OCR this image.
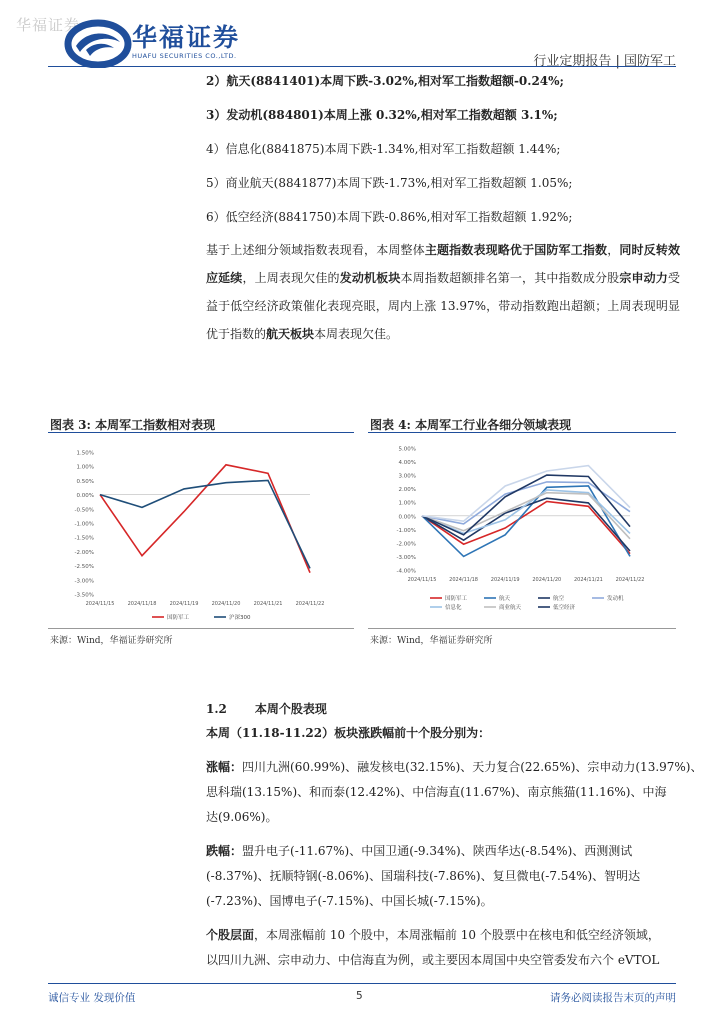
华福证券 华福证券
HUAFU SECURITIES CO.,LTD.	行业定期报告 | 国防军工
2）航天(8841401)本周下跌-3.02%,相对军工指数超额-0.24%;
3）发动机(884801)本周上涨 0.32%,相对军工指数超额 3.1%;
4）信息化(8841875)本周下跌-1.34%,相对军工指数超额 1.44%;
5）商业航天(8841877)本周下跌-1.73%,相对军工指数超额 1.05%;
6）低空经济(8841750)本周下跌-0.86%,相对军工指数超额 1.92%;
基于上述细分领域指数表现看，本周整体主题指数表现略优于国防军工指数，同时反转效应延续，上周表现欠佳的发动机板块本周指数超额排名第一，其中指数成分股宗申动力受益于低空经济政策催化表现亮眼，周内上涨 13.97%，带动指数跑出超额；上周表现明显优于指数的航天板块本周表现欠佳。
图表 3: 本周军工指数相对表现
1.50%
1.00%
0.50%
0.00%
-0.50%
-1.00%
-1.50%
-2.00%
-2.50%
-3.00%
-3.50%
2024/11/15	2024/11/18	2024/11/19	2024/11/20	2024/11/21	2024/11/22
国防军工	沪深300
来源：Wind，华福证券研究所
图表 4: 本周军工行业各细分领域表现
5.00%
4.00%
3.00%
2.00%
1.00%
0.00%
-1.00%
-2.00%
-3.00%
-4.00%
2024/11/15	2024/11/18	2024/11/19	2024/11/20	2024/11/21	2024/11/22
国防军工	航天	航空	发动机
信息化	商业航天	低空经济
来源：Wind，华福证券研究所
1.2 本周个股表现
本周（11.18-11.22）板块涨跌幅前十个股分别为：
涨幅：四川九洲(60.99%)、融发核电(32.15%)、天力复合(22.65%)、宗申动力(13.97%)、
思科瑞(13.15%)、和而泰(12.42%)、中信海直(11.67%)、南京熊猫(11.16%)、中海
达(9.06%)。
跌幅：盟升电子(-11.67%)、中国卫通(-9.34%)、陕西华达(-8.54%)、西测测试
(-8.37%)、抚顺特钢(-8.06%)、国瑞科技(-7.86%)、复旦微电(-7.54%)、智明达
(-7.23%)、国博电子(-7.15%)、中国长城(-7.15%)。
个股层面，本周涨幅前 10 个股中，本周涨幅前 10 个股票中在核电和低空经济领域，
以四川九洲、宗申动力、中信海直为例，或主要因本周国中央空管委发布六个 eVTOL
诚信专业 发现价值	5	请务必阅读报告末页的声明
